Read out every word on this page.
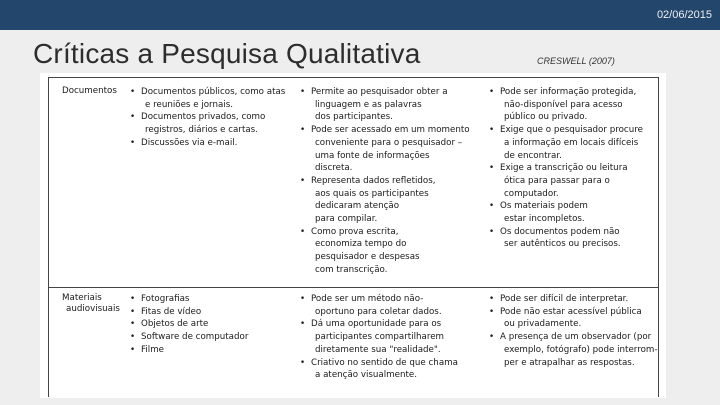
02/06/2015
Críticas a Pesquisa Qualitativa	CRESWELL (2007)
Documentos
•	Documentos públicos, como atas
e reuniões e jornais.
• Documentos privados, como
registros, diários e cartas.
• Discussões via e-mail.
• Permite ao pesquisador obter a
linguagem e as palavras
dos participantes.
• Pode ser acessado em um momento
conveniente para o pesquisador –
uma fonte de informações
discreta.
• Representa dados refletidos,
aos quais os participantes
dedicaram atenção
para compilar.
• Como prova escrita,
economiza tempo do
pesquisador e despesas
com transcrição.
• Pode ser informação protegida,
não-disponível para acesso
público ou privado.
• Exige que o pesquisador procure
a informação em locais difíceis
de encontrar.
• Exige a transcrição ou leitura
ótica para passar para o
computador.
• Os materiais podem
estar incompletos.
• Os documentos podem não
ser autênticos ou precisos.
Materiais
audiovisuais
• Fotografias
• Fitas de vídeo
• Objetos de arte
• Software de computador
• Filme
• Pode ser um método não-
oportuno para coletar dados.
• Dá uma oportunidade para os
participantes compartilharem
diretamente sua "realidade".
• Criativo no sentido de que chama
a atenção visualmente.
• Pode ser difícil de interpretar.
• Pode não estar acessível pública
ou privadamente.
• A presença de um observador (por
exemplo, fotógrafo) pode interrom-
per e atrapalhar as respostas.
